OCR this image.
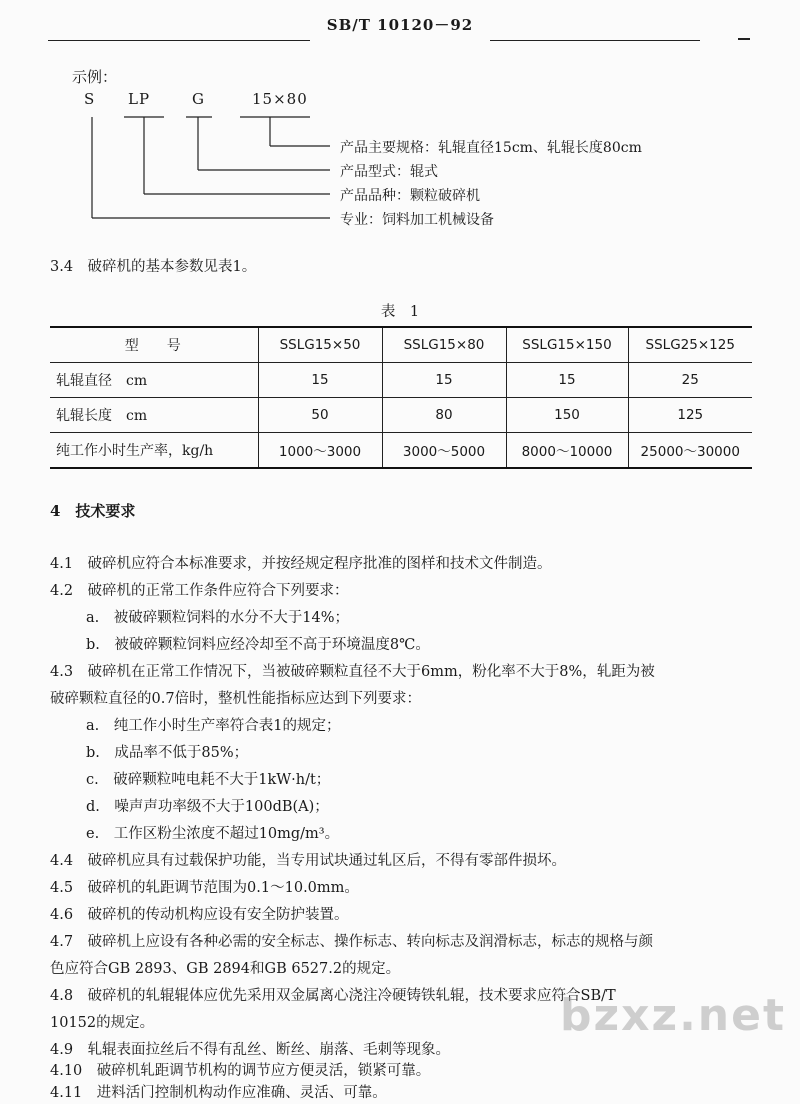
SB/T 10120－92
示例：
S LP	G	15×80
产品主要规格：轧辊直径15cm、轧辊长度80cm
产品型式：辊式
产品品种：颗粒破碎机
专业：饲料加工机械设备
3.4　破碎机的基本参数见表1。
表　1
型　　号	SSLG15×50	SSLG15×80	SSLG15×150	SSLG25×125
轧辊直径　cm	15	15	15	25
轧辊长度　cm	50	80	150	125
纯工作小时生产率，kg/h	1000～3000	3000～5000	8000～10000	25000～30000
4　技术要求
4.1　破碎机应符合本标准要求，并按经规定程序批准的图样和技术文件制造。
4.2　破碎机的正常工作条件应符合下列要求：
a.　被破碎颗粒饲料的水分不大于14%；
b.　被破碎颗粒饲料应经冷却至不高于环境温度8℃。
4.3　破碎机在正常工作情况下，当被破碎颗粒直径不大于6mm，粉化率不大于8%，轧距为被
破碎颗粒直径的0.7倍时，整机性能指标应达到下列要求：
a.　纯工作小时生产率符合表1的规定；
b.　成品率不低于85%；
c.　破碎颗粒吨电耗不大于1kW·h/t；
d.　噪声声功率级不大于100dB(A)；
e.　工作区粉尘浓度不超过10mg/m³。
4.4　破碎机应具有过载保护功能，当专用试块通过轧区后，不得有零部件损坏。
4.5　破碎机的轧距调节范围为0.1～10.0mm。
4.6　破碎机的传动机构应设有安全防护装置。
4.7　破碎机上应设有各种必需的安全标志、操作标志、转向标志及润滑标志，标志的规格与颜
色应符合GB 2893、GB 2894和GB 6527.2的规定。
4.8　破碎机的轧辊辊体应优先采用双金属离心浇注冷硬铸铁轧辊，技术要求应符合SB/T
10152的规定。
4.9　轧辊表面拉丝后不得有乱丝、断丝、崩落、毛刺等现象。
4.10　破碎机轧距调节机构的调节应方便灵活，锁紧可靠。
4.11　进料活门控制机构动作应准确、灵活、可靠。
bzxz.net
